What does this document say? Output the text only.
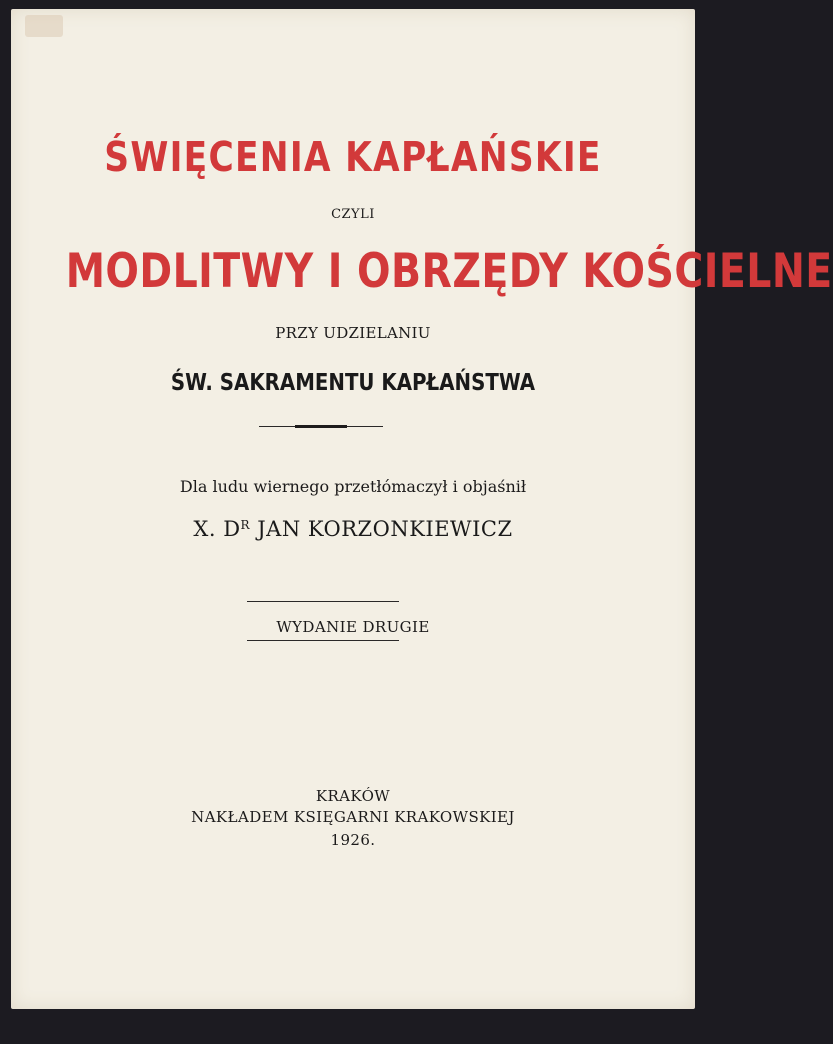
ŚWIĘCENIA KAPŁAŃSKIE
CZYLI
MODLITWY I OBRZĘDY KOŚCIELNE
PRZY UDZIELANIU
ŚW. SAKRAMENTU KAPŁAŃSTWA
Dla ludu wiernego przetłómaczył i objaśnił
X. $D^R$ JAN KORZONKIEWICZ
WYDANIE DRUGIE
KRAKÓW
NAKŁADEM KSIĘGARNI KRAKOWSKIEJ
1926.
